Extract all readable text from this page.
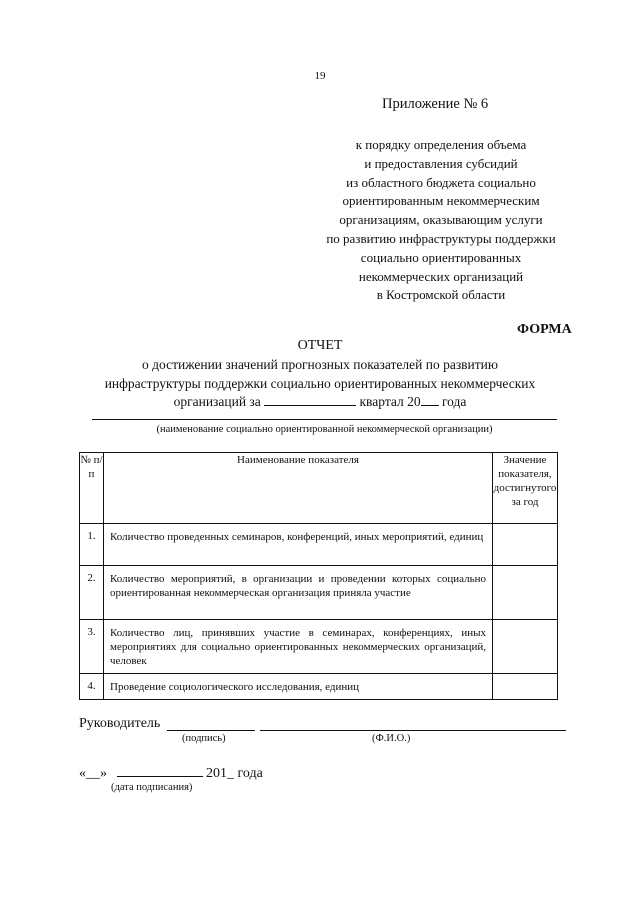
19
Приложение № 6
к порядку определения объема
и предоставления субсидий
из областного бюджета социально
ориентированным некоммерческим
организациям, оказывающим услуги
по развитию инфраструктуры поддержки
социально ориентированных
некоммерческих организаций
в Костромской области
ФОРМА
ОТЧЕТ
о достижении значений прогнозных показателей по развитию
инфраструктуры поддержки социально ориентированных некоммерческих
организаций за	квартал 20 года
(наименование социально ориентированной некоммерческой организации)
№ п/п	Наименование показателя	Значение показателя, достигнутого за год
1.	Количество проведенных семинаров, конференций, иных мероприятий, единиц	
2.	Количество мероприятий, в организации и проведении которых социально ориентированная некоммерческая организация приняла участие	
3.	Количество лиц, принявших участие в семинарах, конференциях, иных мероприятиях для социально ориентированных некоммерческих организаций, человек	
4.	Проведение социологического исследования, единиц	
Руководитель
(подпись)	(Ф.И.О.)
«__»	201_ года
(дата подписания)
